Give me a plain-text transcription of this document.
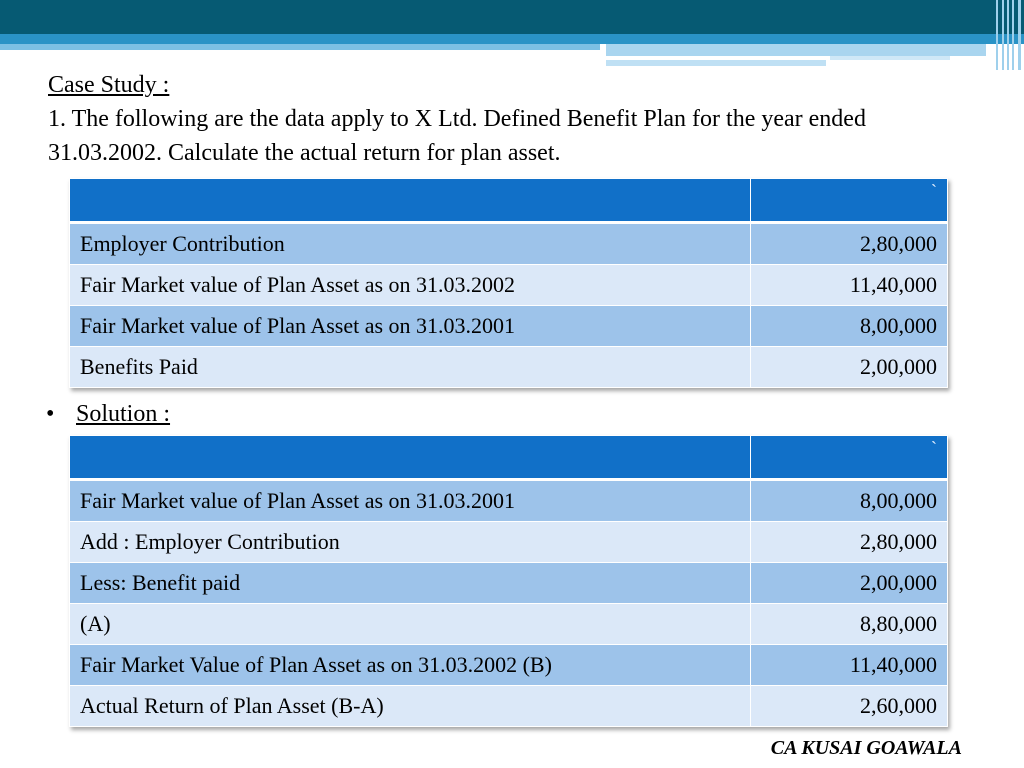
Case Study :

1. The following are the data apply to X Ltd. Defined Benefit Plan for the year ended 31.03.2002. Calculate the actual return for plan asset.

	`
Employer Contribution	2,80,000
Fair Market value of Plan Asset as on 31.03.2002	11,40,000
Fair Market value of Plan Asset as on 31.03.2001	8,00,000
Benefits Paid	2,00,000
• Solution :
	`
Fair Market value of Plan Asset as on 31.03.2001	8,00,000
Add : Employer Contribution	2,80,000
Less: Benefit paid	2,00,000
(A)	8,80,000
Fair Market Value of Plan Asset as on 31.03.2002 (B)	11,40,000
Actual Return of Plan Asset (B-A)	2,60,000
CA KUSAI GOAWALA
